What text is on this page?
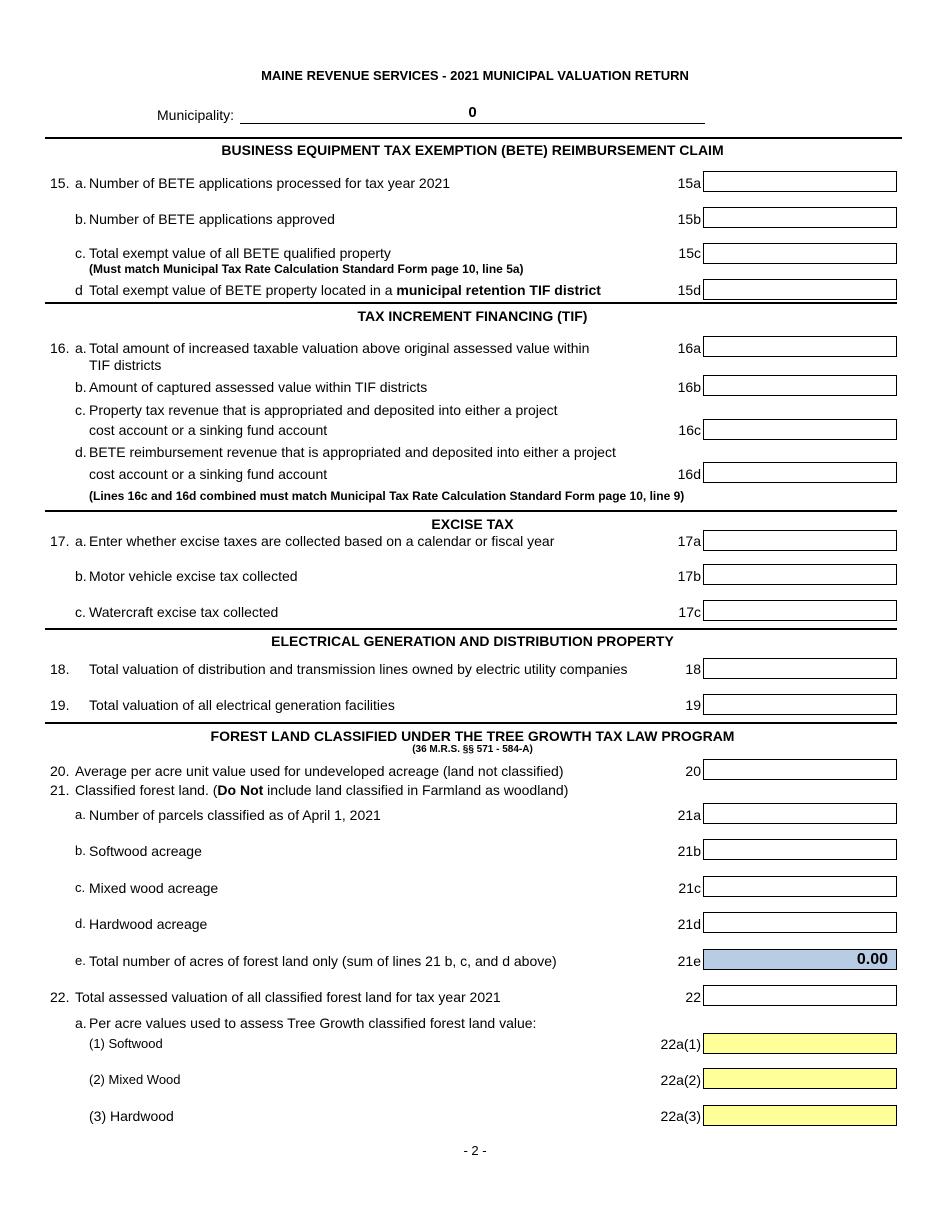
MAINE REVENUE SERVICES - 2021 MUNICIPAL VALUATION RETURN
Municipality:	0
BUSINESS EQUIPMENT TAX EXEMPTION (BETE) REIMBURSEMENT CLAIM
15. a. Number of BETE applications processed for tax year 2021	15a
b. Number of BETE applications approved	15b
c. Total exempt value of all BETE qualified property
(Must match Municipal Tax Rate Calculation Standard Form page 10, line 5a)
15c
d Total exempt value of BETE property located in a municipal retention TIF district	15d
TAX INCREMENT FINANCING (TIF)
16. a. Total amount of increased taxable valuation above original assessed value within
TIF districts
16a
b. Amount of captured assessed value within TIF districts	16b
c. Property tax revenue that is appropriated and deposited into either a project
cost account or a sinking fund account	16c
d. BETE reimbursement revenue that is appropriated and deposited into either a project
cost account or a sinking fund account	16d
(Lines 16c and 16d combined must match Municipal Tax Rate Calculation Standard Form page 10, line 9)
EXCISE TAX
17. a. Enter whether excise taxes are collected based on a calendar or fiscal year	17a
b. Motor vehicle excise tax collected	17b
c. Watercraft excise tax collected	17c
ELECTRICAL GENERATION AND DISTRIBUTION PROPERTY
18. Total valuation of distribution and transmission lines owned by electric utility companies	18
19. Total valuation of all electrical generation facilities	19
FOREST LAND CLASSIFIED UNDER THE TREE GROWTH TAX LAW PROGRAM
(36 M.R.S. §§ 571 - 584-A)
20. Average per acre unit value used for undeveloped acreage (land not classified)	20
21. Classified forest land. (Do Not include land classified in Farmland as woodland)
a. Number of parcels classified as of April 1, 2021	21a
b. Softwood acreage	21b
c. Mixed wood acreage	21c
d. Hardwood acreage	21d
e. Total number of acres of forest land only (sum of lines 21 b, c, and d above)	21e	0.00
22. Total assessed valuation of all classified forest land for tax year 2021	22
a. Per acre values used to assess Tree Growth classified forest land value:
(1) Softwood	22a(1)
(2) Mixed Wood	22a(2)
(3) Hardwood	22a(3)
- 2 -
